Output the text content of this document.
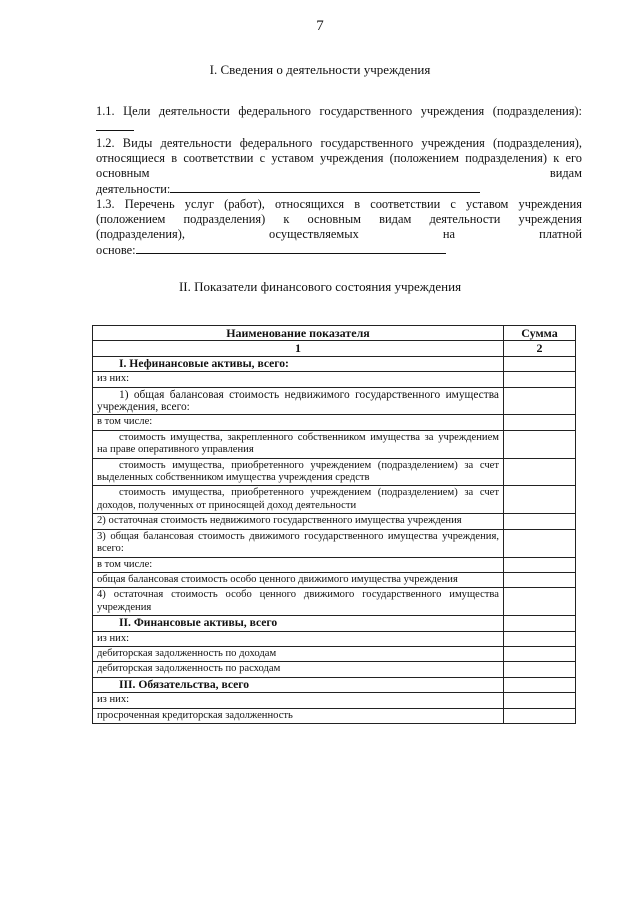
7
I. Сведения о деятельности учреждения
1.1. Цели деятельности федерального государственного учреждения (подразделения):
1.2. Виды деятельности федерального государственного учреждения (подразделения), относящиеся в соответствии с уставом учреждения (положением подразделения) к его основным видам
деятельности:
1.3. Перечень услуг (работ), относящихся в соответствии с уставом учреждения (положением подразделения) к основным видам деятельности учреждения (подразделения), осуществляемых на платной
основе:
II. Показатели финансового состояния учреждения
Наименование показателя	Сумма
1	2
I. Нефинансовые активы, всего:	
из них:	
1) общая балансовая стоимость недвижимого государственного имущества учреждения, всего:	
в том числе:	
стоимость имущества, закрепленного собственником имущества за учреждением на праве оперативного управления	
стоимость имущества, приобретенного учреждением (подразделением) за счет выделенных собственником имущества учреждения средств	
стоимость имущества, приобретенного учреждением (подразделением) за счет доходов, полученных от приносящей доход деятельности	
2) остаточная стоимость недвижимого государственного имущества учреждения	
3) общая балансовая стоимость движимого государственного имущества учреждения, всего:	
в том числе:	
общая балансовая стоимость особо ценного движимого имущества учреждения	
4) остаточная стоимость особо ценного движимого государственного имущества учреждения	
II. Финансовые активы, всего	
из них:	
дебиторская задолженность по доходам	
дебиторская задолженность по расходам	
III. Обязательства, всего	
из них:	
просроченная кредиторская задолженность	
